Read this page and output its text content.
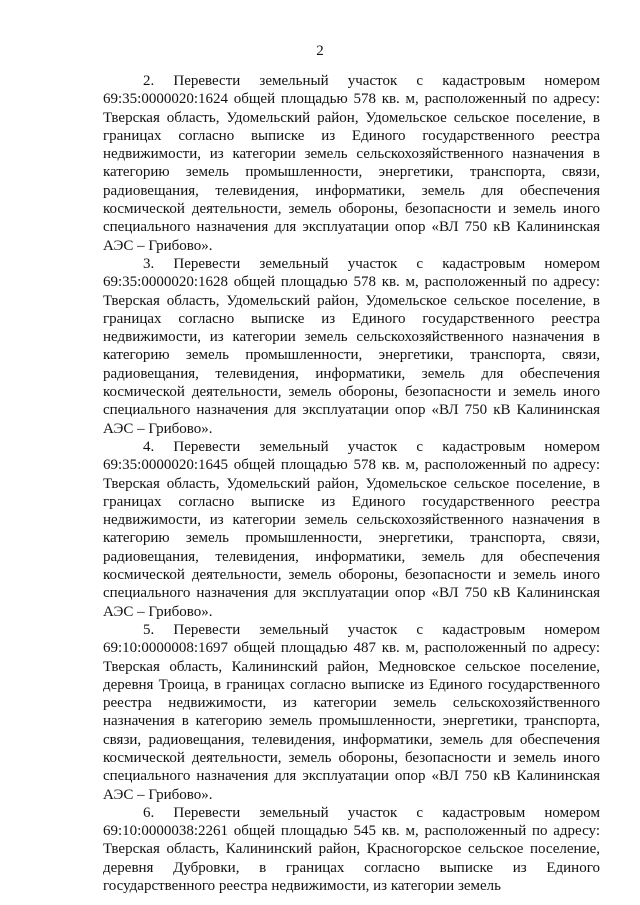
2

2. Перевести земельный участок с кадастровым номером 69:35:0000020:1624 общей площадью 578 кв. м, расположенный по адресу: Тверская область, Удомельский район, Удомельское сельское поселение, в границах согласно выписке из Единого государственного реестра недвижимости, из категории земель сельскохозяйственного назначения в категорию земель промышленности, энергетики, транспорта, связи, радиовещания, телевидения, информатики, земель для обеспечения космической деятельности, земель обороны, безопасности и земель иного специального назначения для эксплуатации опор «ВЛ 750 кВ Калининская АЭС – Грибово».

3. Перевести земельный участок с кадастровым номером 69:35:0000020:1628 общей площадью 578 кв. м, расположенный по адресу: Тверская область, Удомельский район, Удомельское сельское поселение, в границах согласно выписке из Единого государственного реестра недвижимости, из категории земель сельскохозяйственного назначения в категорию земель промышленности, энергетики, транспорта, связи, радиовещания, телевидения, информатики, земель для обеспечения космической деятельности, земель обороны, безопасности и земель иного специального назначения для эксплуатации опор «ВЛ 750 кВ Калининская АЭС – Грибово».

4. Перевести земельный участок с кадастровым номером 69:35:0000020:1645 общей площадью 578 кв. м, расположенный по адресу: Тверская область, Удомельский район, Удомельское сельское поселение, в границах согласно выписке из Единого государственного реестра недвижимости, из категории земель сельскохозяйственного назначения в категорию земель промышленности, энергетики, транспорта, связи, радиовещания, телевидения, информатики, земель для обеспечения космической деятельности, земель обороны, безопасности и земель иного специального назначения для эксплуатации опор «ВЛ 750 кВ Калининская АЭС – Грибово».

5. Перевести земельный участок с кадастровым номером 69:10:0000008:1697 общей площадью 487 кв. м, расположенный по адресу: Тверская область, Калининский район, Медновское сельское поселение, деревня Троица, в границах согласно выписке из Единого государственного реестра недвижимости, из категории земель сельскохозяйственного назначения в категорию земель промышленности, энергетики, транспорта, связи, радиовещания, телевидения, информатики, земель для обеспечения космической деятельности, земель обороны, безопасности и земель иного специального назначения для эксплуатации опор «ВЛ 750 кВ Калининская АЭС – Грибово».

6. Перевести земельный участок с кадастровым номером 69:10:0000038:2261 общей площадью 545 кв. м, расположенный по адресу: Тверская область, Калининский район, Красногорское сельское поселение, деревня Дубровки, в границах согласно выписке из Единого государственного реестра недвижимости, из категории земель
